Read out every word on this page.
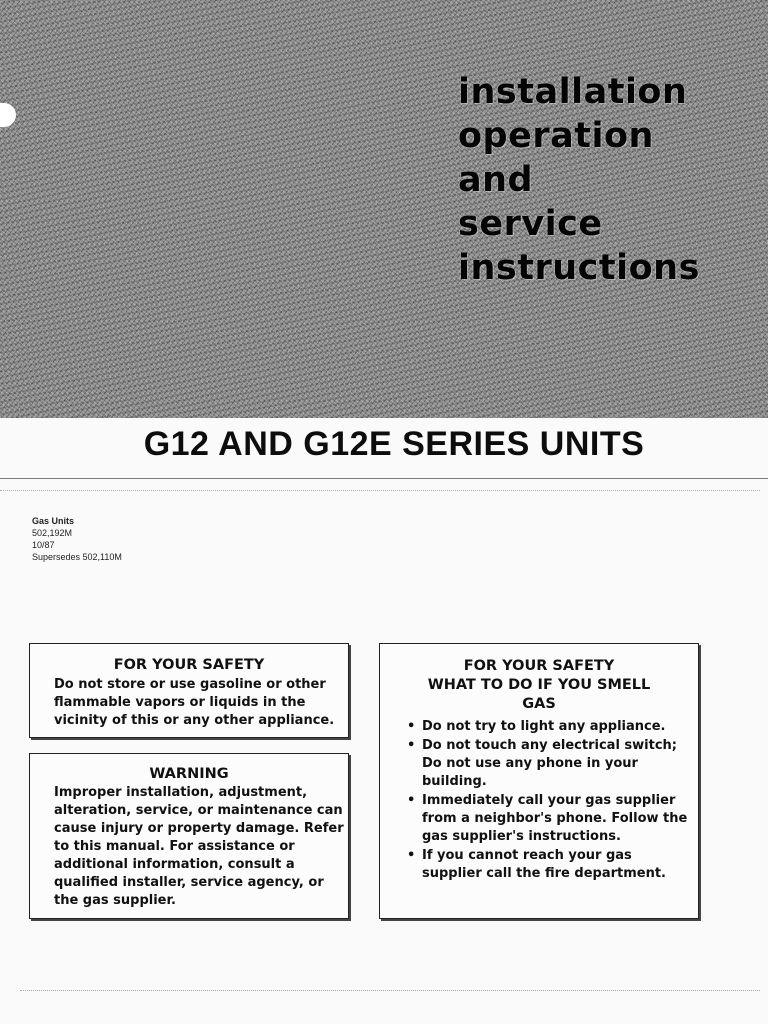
installation
operation
and
service
instructions
G12 AND G12E SERIES UNITS
Gas Units
502,192M
10/87
Supersedes 502,110M
FOR YOUR SAFETY

Do not store or use gasoline or other flammable vapors or liquids in the vicinity of this or any other appliance.

WARNING

Improper installation, adjustment, alteration, service, or maintenance can cause injury or property damage. Refer to this manual. For assistance or additional information, consult a qualified installer, service agency, or the gas supplier.

FOR YOUR SAFETY
WHAT TO DO IF YOU SMELL
GAS
• Do not try to light any appliance.
• Do not touch any electrical switch; Do not use any phone in your building.
• Immediately call your gas supplier from a neighbor's phone. Follow the gas supplier's instructions.
• If you cannot reach your gas supplier call the fire department.
